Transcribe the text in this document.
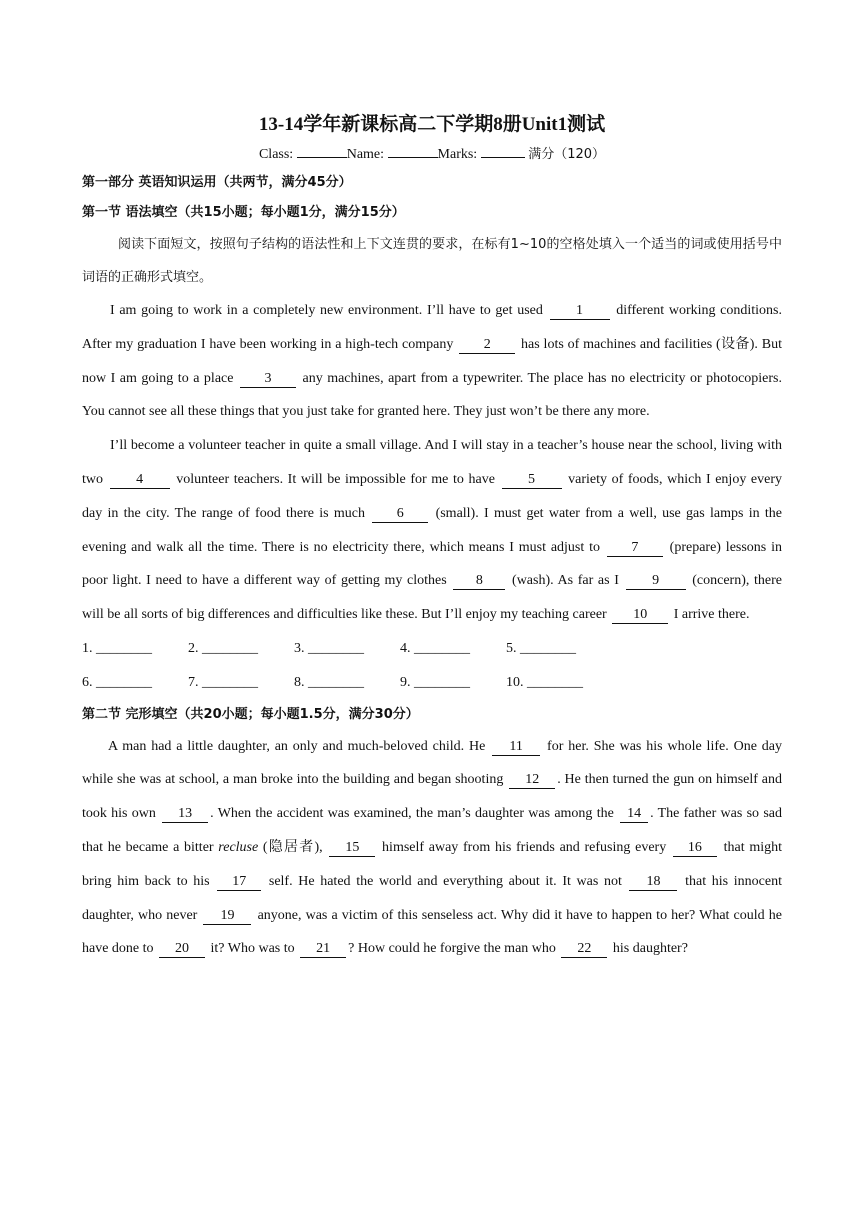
13-14学年新课标高二下学期8册Unit1测试
Class:	Name:	Marks:	满分（120）
第一部分 英语知识运用（共两节，满分45分）
第一节 语法填空（共15小题；每小题1分，满分15分）

阅读下面短文，按照句子结构的语法性和上下文连贯的要求，在标有1~10的空格处填入一个适当的词或使用括号中词语的正确形式填空。

I am going to work in a completely new environment. I’ll have to get used 1 different working conditions. After my graduation I have been working in a high-tech company 2 has lots of machines and facilities (设备). But now I am going to a place 3 any machines, apart from a typewriter. The place has no electricity or photocopiers. You cannot see all these things that you just take for granted here. They just won’t be there any more.

I’ll become a volunteer teacher in quite a small village. And I will stay in a teacher’s house near the school, living with two 4 volunteer teachers. It will be impossible for me to have 5 variety of foods, which I enjoy every day in the city. The range of food there is much 6 (small). I must get water from a well, use gas lamps in the evening and walk all the time. There is no electricity there, which means I must adjust to 7 (prepare) lessons in poor light. I need to have a different way of getting my clothes 8 (wash). As far as I 9 (concern), there will be all sorts of big differences and difficulties like these. But I’ll enjoy my teaching career 10 I arrive there.

1. ________	2. ________	3. ________	4. ________	5. ________
6. ________	7. ________	8. ________	9. ________	10. ________
第二节 完形填空（共20小题；每小题1.5分，满分30分）

A man had a little daughter, an only and much-beloved child. He 11 for her. She was his whole life. One day while she was at school, a man broke into the building and began shooting 12 . He then turned the gun on himself and took his own 13 . When the accident was examined, the man’s daughter was among the 14 . The father was so sad that he became a bitter recluse (隐居者), 15 himself away from his friends and refusing every 16 that might bring him back to his 17 self. He hated the world and everything about it. It was not 18 that his innocent daughter, who never 19 anyone, was a victim of this senseless act. Why did it have to happen to her? What could he have done to 20 it? Who was to 21 ? How could he forgive the man who 22 his daughter?
